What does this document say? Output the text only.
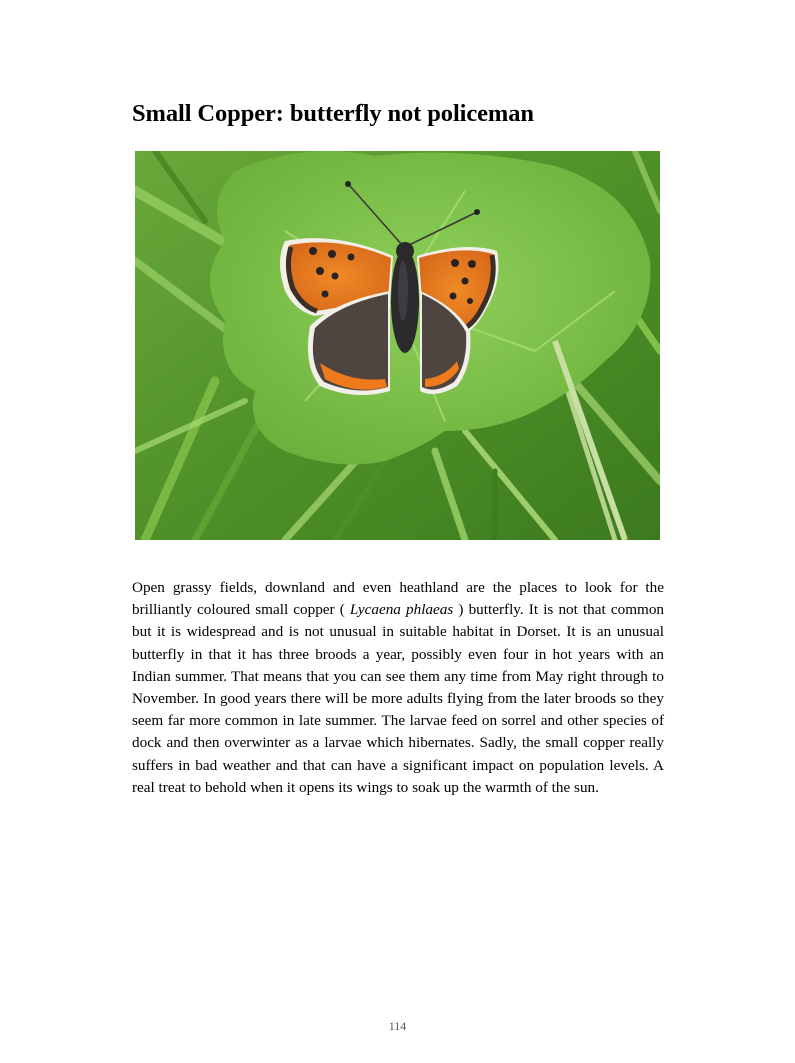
Small Copper: butterfly not policeman

Open grassy fields, downland and even heathland are the places to look for the brilliantly coloured small copper ( Lycaena phlaeas ) butterfly. It is not that common but it is widespread and is not unusual in suitable habitat in Dorset. It is an unusual butterfly in that it has three broods a year, possibly even four in hot years with an Indian summer. That means that you can see them any time from May right through to November. In good years there will be more adults flying from the later broods so they seem far more common in late summer. The larvae feed on sorrel and other species of dock and then overwinter as a larvae which hibernates. Sadly, the small copper really suffers in bad weather and that can have a significant impact on population levels. A real treat to behold when it opens its wings to soak up the warmth of the sun.

114
